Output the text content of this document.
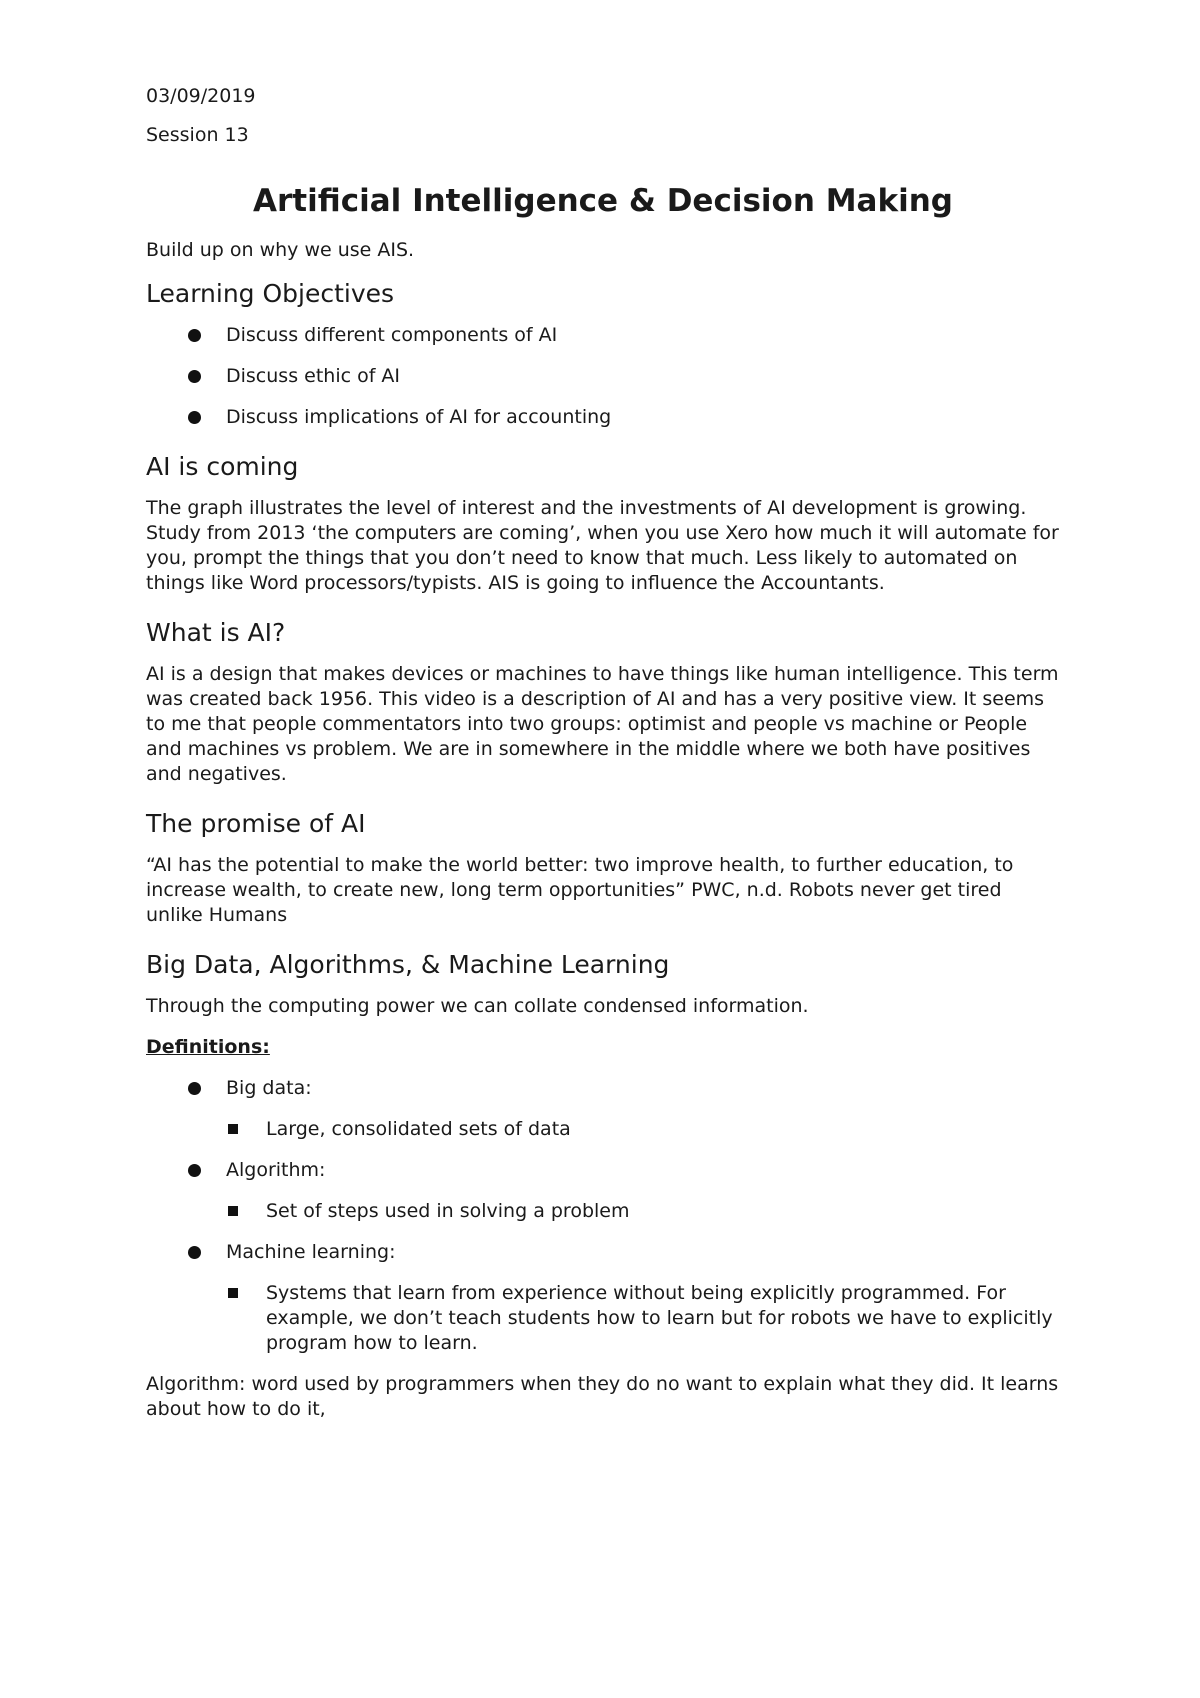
03/09/2019

Session 13

Artificial Intelligence & Decision Making

Build up on why we use AIS.

Learning Objectives
Discuss different components of AI
Discuss ethic of AI
Discuss implications of AI for accounting
AI is coming

The graph illustrates the level of interest and the investments of AI development is growing. Study from 2013 ‘the computers are coming’, when you use Xero how much it will automate for you, prompt the things that you don’t need to know that much. Less likely to automated on things like Word processors/typists. AIS is going to influence the Accountants.

What is AI?

AI is a design that makes devices or machines to have things like human intelligence. This term was created back 1956. This video is a description of AI and has a very positive view. It seems to me that people commentators into two groups: optimist and people vs machine or People and machines vs problem. We are in somewhere in the middle where we both have positives and negatives.

The promise of AI

“AI has the potential to make the world better: two improve health, to further education, to increase wealth, to create new, long term opportunities” PWC, n.d. Robots never get tired unlike Humans

Big Data, Algorithms, & Machine Learning

Through the computing power we can collate condensed information.

Definitions:

Big data:
Large, consolidated sets of data
Algorithm:
Set of steps used in solving a problem
Machine learning:
Systems that learn from experience without being explicitly programmed. For example, we don’t teach students how to learn but for robots we have to explicitly program how to learn.

Algorithm: word used by programmers when they do no want to explain what they did. It learns about how to do it,
